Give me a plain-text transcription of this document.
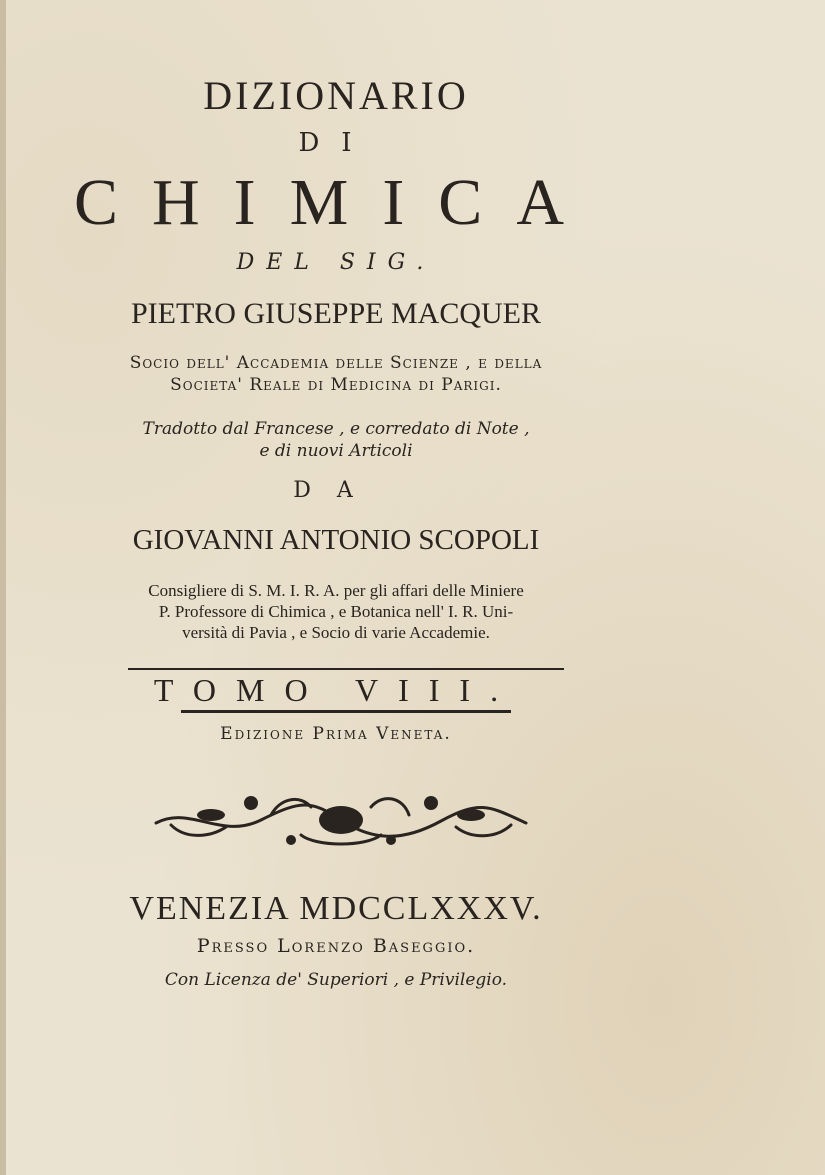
DIZIONARIO
DI
CHIMICA
DEL SIG.
PIETRO GIUSEPPE MACQUER
Socio dell' Accademia delle Scienze , e della
Societa' Reale di Medicina di Parigi.
Tradotto dal Francese , e corredato di Note ,
e di nuovi Articoli
DA
GIOVANNI ANTONIO SCOPOLI
Consigliere di S. M. I. R. A. per gli affari delle Miniere
P. Professore di Chimica , e Botanica nell' I. R. Uni-
versità di Pavia , e Socio di varie Accademie.
TOMO VIII.
Edizione Prima Veneta.
VENEZIA MDCCLXXXV.
Presso Lorenzo Baseggio.
Con Licenza de' Superiori , e Privilegio.
